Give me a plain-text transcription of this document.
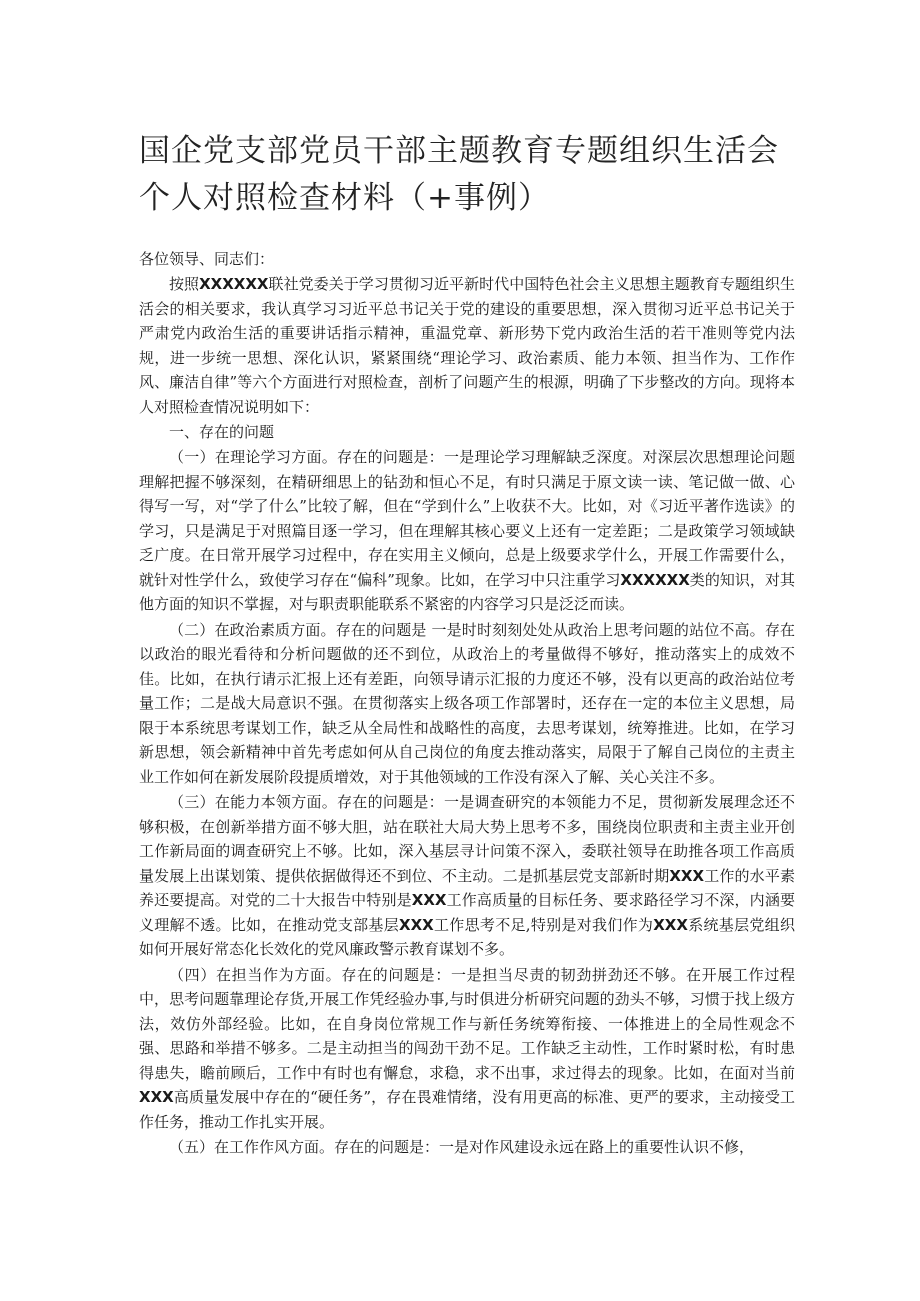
国企党支部党员干部主题教育专题组织生活会个人对照检查材料（+事例）

各位领导、同志们：

按照XXXXXX联社党委关于学习贯彻习近平新时代中国特色社会主义思想主题教育专题组织生活会的相关要求，我认真学习习近平总书记关于党的建设的重要思想，深入贯彻习近平总书记关于严肃党内政治生活的重要讲话指示精神，重温党章、新形势下党内政治生活的若干准则等党内法规，进一步统一思想、深化认识，紧紧围绕“理论学习、政治素质、能力本领、担当作为、工作作风、廉洁自律”等六个方面进行对照检查，剖析了问题产生的根源，明确了下步整改的方向。现将本人对照检查情况说明如下：

一、存在的问题

（一）在理论学习方面。存在的问题是：一是理论学习理解缺乏深度。对深层次思想理论问题理解把握不够深刻，在精研细思上的钻劲和恒心不足，有时只满足于原文读一读、笔记做一做、心得写一写，对“学了什么”比较了解，但在“学到什么”上收获不大。比如，对《习近平著作选读》的学习，只是满足于对照篇目逐一学习，但在理解其核心要义上还有一定差距；二是政策学习领域缺乏广度。在日常开展学习过程中，存在实用主义倾向，总是上级要求学什么，开展工作需要什么，就针对性学什么，致使学习存在“偏科”现象。比如，在学习中只注重学习XXXXXX类的知识，对其他方面的知识不掌握，对与职责职能联系不紧密的内容学习只是泛泛而读。

（二）在政治素质方面。存在的问题是 一是时时刻刻处处从政治上思考问题的站位不高。存在以政治的眼光看待和分析问题做的还不到位，从政治上的考量做得不够好，推动落实上的成效不佳。比如，在执行请示汇报上还有差距，向领导请示汇报的力度还不够，没有以更高的政治站位考量工作；二是战大局意识不强。在贯彻落实上级各项工作部署时，还存在一定的本位主义思想，局限于本系统思考谋划工作，缺乏从全局性和战略性的高度，去思考谋划，统筹推进。比如，在学习新思想，领会新精神中首先考虑如何从自己岗位的角度去推动落实，局限于了解自己岗位的主责主业工作如何在新发展阶段提质增效，对于其他领域的工作没有深入了解、关心关注不多。

（三）在能力本领方面。存在的问题是：一是调查研究的本领能力不足，贯彻新发展理念还不够积极，在创新举措方面不够大胆，站在联社大局大势上思考不多，围绕岗位职责和主责主业开创工作新局面的调查研究上不够。比如，深入基层寻计问策不深入，委联社领导在助推各项工作高质量发展上出谋划策、提供依据做得还不到位、不主动。二是抓基层党支部新时期XXX工作的水平素养还要提高。对党的二十大报告中特别是XXX工作高质量的目标任务、要求路径学习不深，内涵要义理解不透。比如，在推动党支部基层XXX工作思考不足,特别是对我们作为XXX系统基层党组织如何开展好常态化长效化的党风廉政警示教育谋划不多。

（四）在担当作为方面。存在的问题是：一是担当尽责的韧劲拼劲还不够。在开展工作过程中，思考问题靠理论存货,开展工作凭经验办事,与时俱进分析研究问题的劲头不够，习惯于找上级方法，效仿外部经验。比如，在自身岗位常规工作与新任务统筹衔接、一体推进上的全局性观念不强、思路和举措不够多。二是主动担当的闯劲干劲不足。工作缺乏主动性，工作时紧时松，有时患得患失，瞻前顾后，工作中有时也有懈怠，求稳，求不出事，求过得去的现象。比如，在面对当前XXX高质量发展中存在的“硬任务”，存在畏难情绪，没有用更高的标准、更严的要求，主动接受工作任务，推动工作扎实开展。

（五）在工作作风方面。存在的问题是：一是对作风建设永远在路上的重要性认识不修，
